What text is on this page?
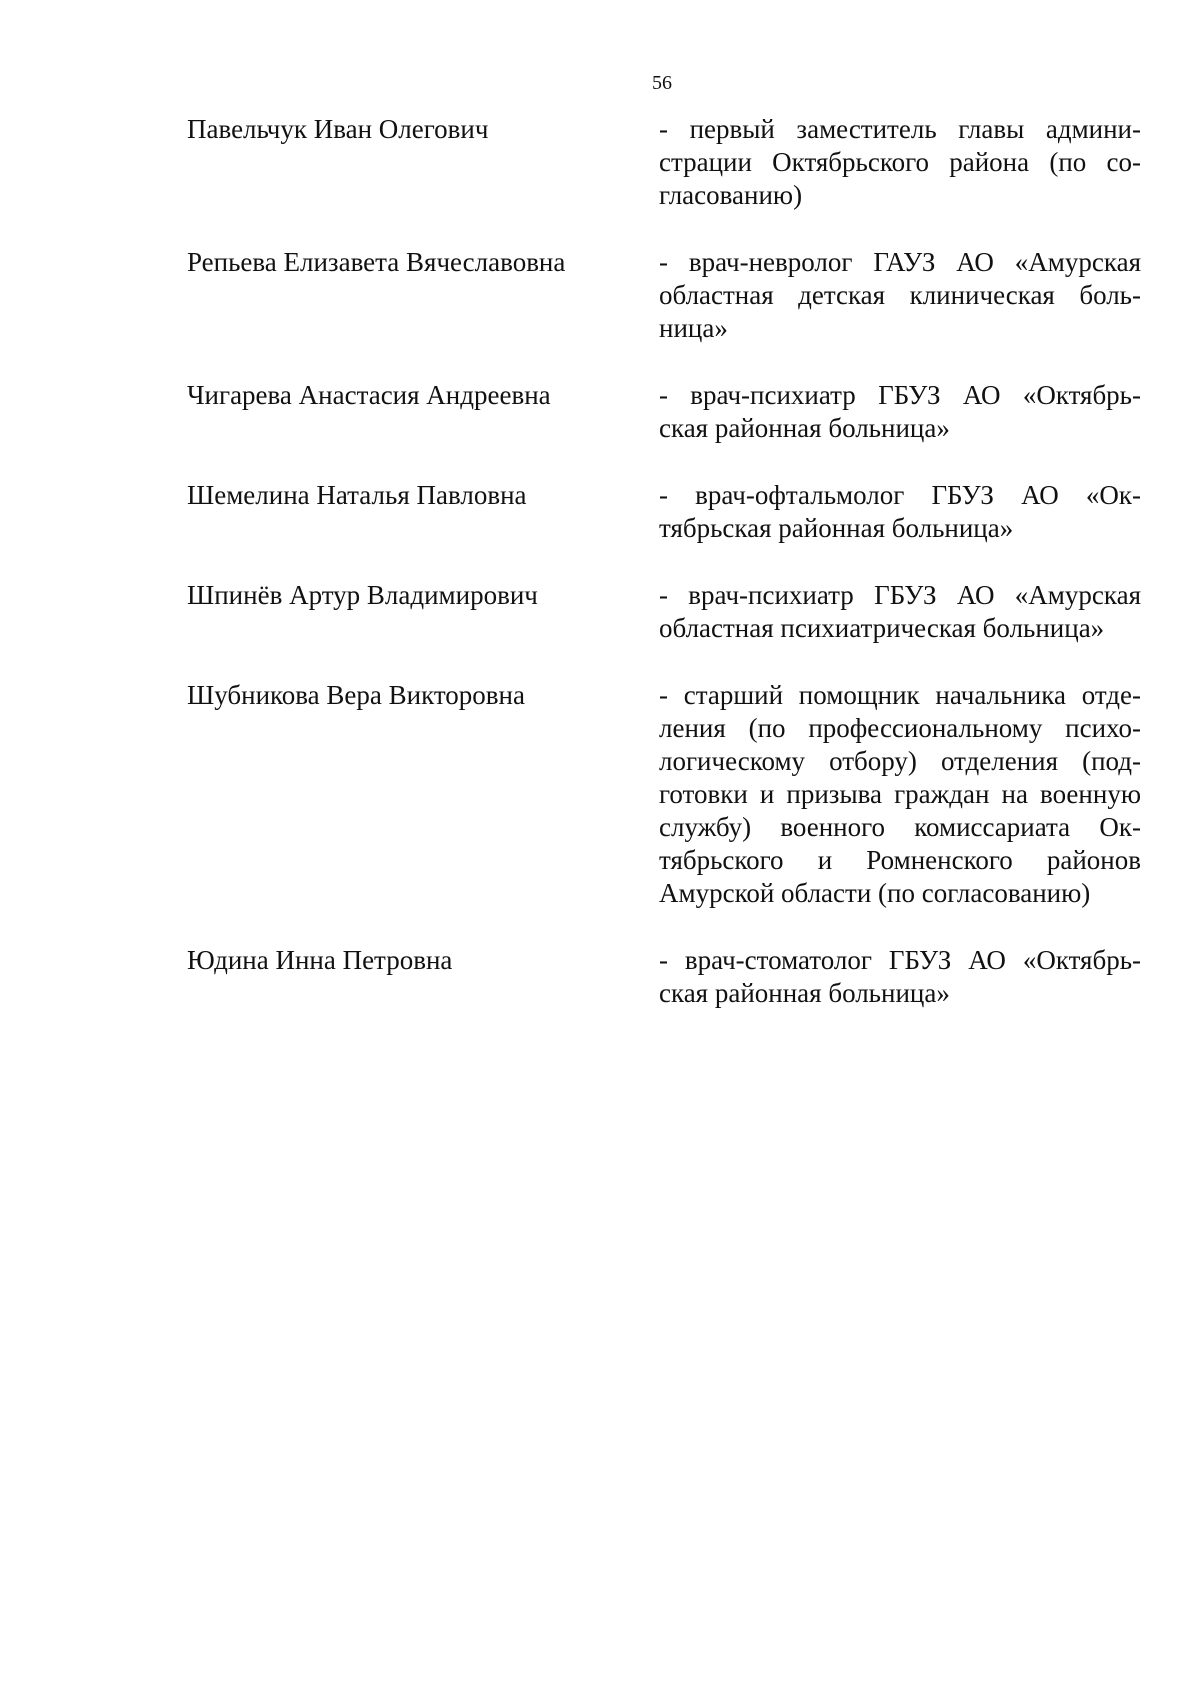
56
Павельчук Иван Олегович	- первый заместитель главы админи-
страции Октябрьского района (по со-
гласованию)
Репьева Елизавета Вячеславовна	- врач-невролог ГАУЗ АО «Амурская
областная детская клиническая боль-
ница»
Чигарева Анастасия Андреевна	- врач-психиатр ГБУЗ АО «Октябрь-
ская районная больница»
Шемелина Наталья Павловна	- врач-офтальмолог ГБУЗ АО «Ок-
тябрьская районная больница»
Шпинёв Артур Владимирович	- врач-психиатр ГБУЗ АО «Амурская
областная психиатрическая больница»
Шубникова Вера Викторовна	- старший помощник начальника отде-
ления (по профессиональному психо-
логическому отбору) отделения (под-
готовки и призыва граждан на военную
службу) военного комиссариата Ок-
тябрьского и Ромненского районов
Амурской области (по согласованию)
Юдина Инна Петровна	- врач-стоматолог ГБУЗ АО «Октябрь-
ская районная больница»
